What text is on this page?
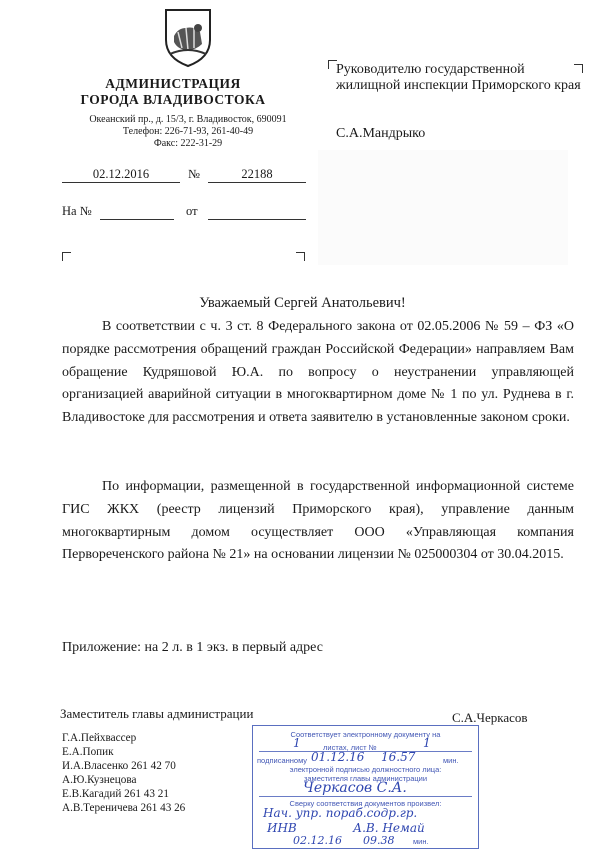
АДМИНИСТРАЦИЯ
ГОРОДА ВЛАДИВОСТОКА
Океанский пр., д. 15/3, г. Владивосток, 690091
Телефон: 226-71-93, 261-40-49
Факс: 222-31-29
02.12.2016	№	22188
На №	от
Руководителю государственной жилищной инспекции Приморского края
С.А.Мандрыко
Уважаемый Сергей Анатольевич!
В соответствии с ч. 3 ст. 8 Федерального закона от 02.05.2006 № 59 – ФЗ «О порядке рассмотрения обращений граждан Российской Федерации» направляем Вам обращение Кудряшовой Ю.А. по вопросу о неустранении управляющей организацией аварийной ситуации в многоквартирном доме № 1 по ул. Руднева в г. Владивостоке для рассмотрения и ответа заявителю в установленные законом сроки.
По информации, размещенной в государственной информационной системе ГИС ЖКХ (реестр лицензий Приморского края), управление данным многоквартирным домом осуществляет ООО «Управляющая компания Первореченского района № 21» на основании лицензии № 025000304 от 30.04.2015.
Приложение: на 2 л. в 1 экз. в первый адрес
Заместитель главы администрации	С.А.Черкасов
Г.А.Пейхвассер
Е.А.Попик
И.А.Власенко 261 42 70
А.Ю.Кузнецова
Е.В.Кагадий 261 43 21
А.В.Тереничева 261 43 26
Соответствует электронному документу на
1	листах, лист №	1
подписанному 01.12.16 16.57	мин.
электронной подписью должностного лица:
заместителя главы администрации
Черкасов С.А.
Сверку соответствия документов произвел:
Нач. упр. пораб.содр.гр.
ИНВ	А.В. Немай
02.12.16 09.38 мин.
